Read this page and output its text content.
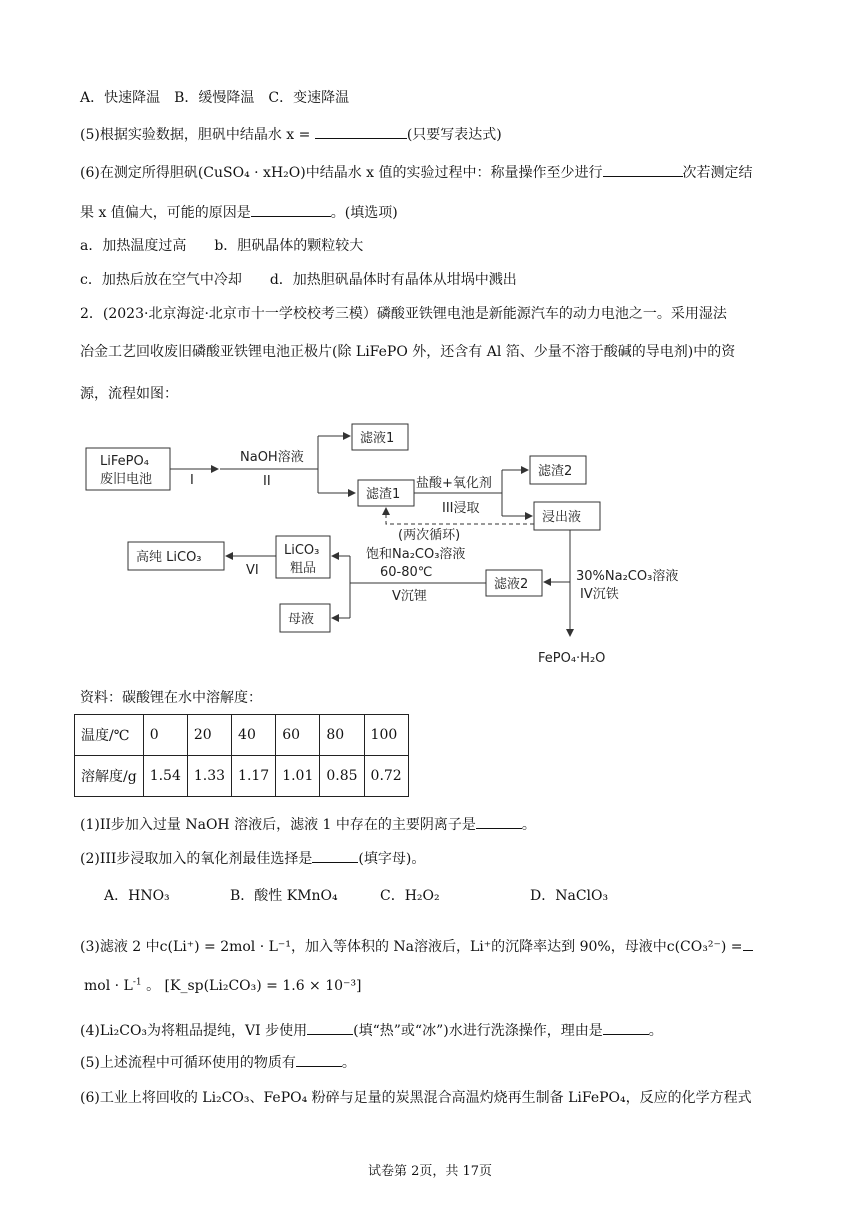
A．快速降温　B．缓慢降温　C．变速降温
(5)根据实验数据，胆矾中结晶水 x =	(只要写表达式)
(6)在测定所得胆矾(CuSO₄ · xH₂O)中结晶水 x 值的实验过程中：称量操作至少进行	次若测定结
果 x 值偏大，可能的原因是	。(填选项)
a．加热温度过高　　b．胆矾晶体的颗粒较大
c．加热后放在空气中冷却　　d．加热胆矾晶体时有晶体从坩埚中溅出
2．(2023·北京海淀·北京市十一学校校考三模）磷酸亚铁锂电池是新能源汽车的动力电池之一。采用湿法
冶金工艺回收废旧磷酸亚铁锂电池正极片(除 LiFePO 外，还含有 Al 箔、少量不溶于酸碱的导电剂)中的资
源，流程如图：
LiFePO₄
废旧电池	I
NaOH溶液
II
滤液1
滤渣1
盐酸+氧化剂
III浸取
滤渣2
浸出液
(两次循环)
30%Na₂CO₃溶液
IV沉铁
FePO₄·H₂O
滤液2
饱和Na₂CO₃溶液
60-80℃
V沉锂
LiCO₃
粗品
母液
VI
高纯 LiCO₃
资料：碳酸锂在水中溶解度：
温度/℃	0	20	40	60	80	100
溶解度/g	1.54	1.33	1.17	1.01	0.85	0.72
(1)II步加入过量 NaOH 溶液后，滤液 1 中存在的主要阴离子是	。
(2)III步浸取加入的氧化剂最佳选择是	(填字母)。
A．HNO₃	B．酸性 KMnO₄	C．H₂O₂	D．NaClO₃
(3)滤液 2 中c(Li⁺) = 2mol · L⁻¹，加入等体积的 Na溶液后，Li⁺的沉降率达到 90%，母液中c(CO₃²⁻) =
mol · $L^{-1}$ 。 [K_sp(Li₂CO₃) = 1.6 × 10⁻³]
(4)Li₂CO₃为将粗品提纯，VI 步使用	(填“热”或“冰”)水进行洗涤操作，理由是	。
(5)上述流程中可循环使用的物质有	。
(6)工业上将回收的 Li₂CO₃、FePO₄ 粉碎与足量的炭黑混合高温灼烧再生制备 LiFePO₄，反应的化学方程式
试卷第 2页，共 17页
